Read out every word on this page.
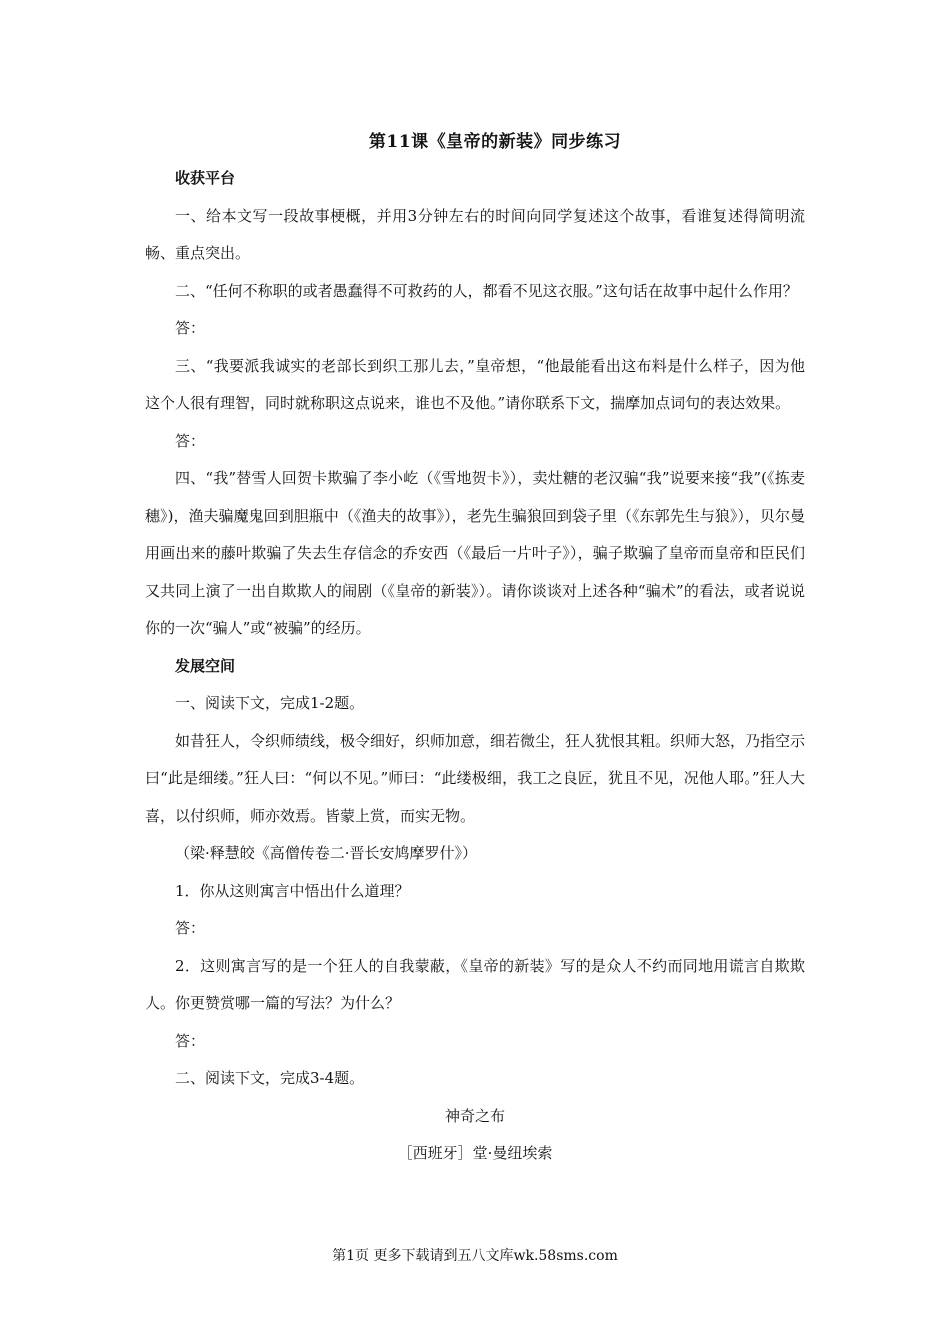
第11课《皇帝的新装》同步练习
收获平台

一、给本文写一段故事梗概，并用3分钟左右的时间向同学复述这个故事，看谁复述得简明流畅、重点突出。

二、“任何不称职的或者愚蠢得不可救药的人，都看不见这衣服。”这句话在故事中起什么作用？

答：

三、“我要派我诚实的老部长到织工那儿去，”皇帝想，“他最能看出这布料是什么样子，因为他这个人很有理智，同时就称职这点说来，谁也不及他。”请你联系下文，揣摩加点词句的表达效果。

答：

四、“我”替雪人回贺卡欺骗了李小屹（《雪地贺卡》），卖灶糖的老汉骗“我”说要来接“我”(《拣麦穗》)，渔夫骗魔鬼回到胆瓶中（《渔夫的故事》），老先生骗狼回到袋子里（《东郭先生与狼》），贝尔曼用画出来的藤叶欺骗了失去生存信念的乔安西（《最后一片叶子》），骗子欺骗了皇帝而皇帝和臣民们又共同上演了一出自欺欺人的闹剧（《皇帝的新装》）。请你谈谈对上述各种“骗术”的看法，或者说说你的一次“骗人”或“被骗”的经历。

发展空间

一、阅读下文，完成1-2题。

如昔狂人，令织师绩线，极令细好，织师加意，细若微尘，狂人犹恨其粗。织师大怒，乃指空示曰“此是细缕。”狂人曰：“何以不见。”师曰：“此缕极细，我工之良匠，犹且不见，况他人耶。”狂人大喜，以付织师，师亦效焉。皆蒙上赏，而实无物。

（梁·释慧皎《高僧传卷二·晋长安鸠摩罗什》）

1．你从这则寓言中悟出什么道理？

答：

2．这则寓言写的是一个狂人的自我蒙蔽，《皇帝的新装》写的是众人不约而同地用谎言自欺欺人。你更赞赏哪一篇的写法？为什么？

答：

二、阅读下文，完成3-4题。

神奇之布

［西班牙］堂·曼纽埃索

第1页 更多下载请到五八文库wk.58sms.com
